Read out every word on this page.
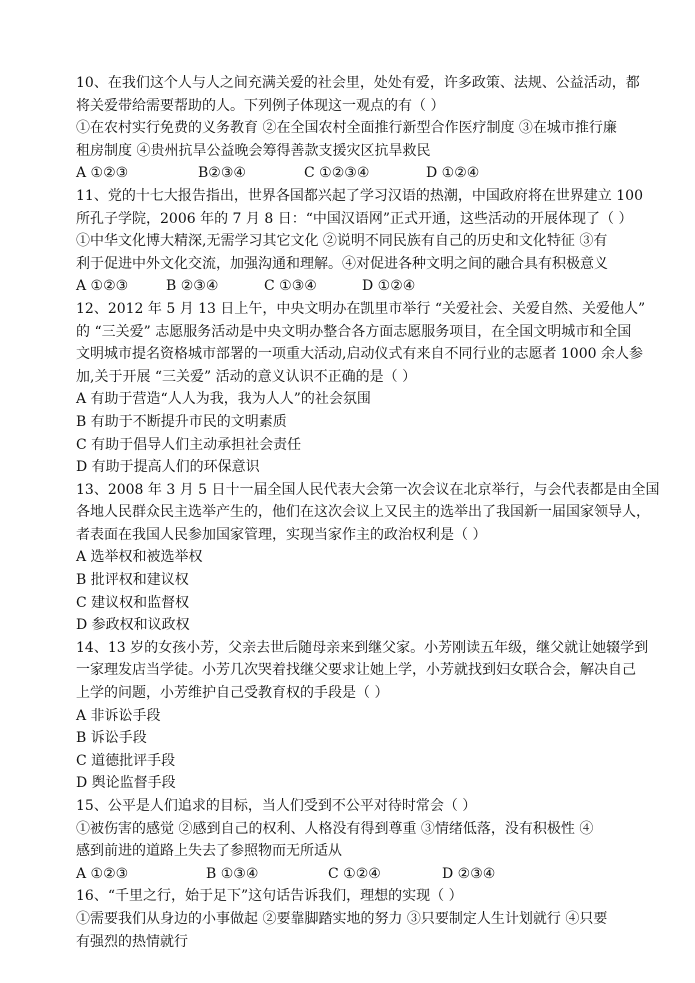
10、在我们这个人与人之间充满关爱的社会里，处处有爱，许多政策、法规、公益活动，都
将关爱带给需要帮助的人。下列例子体现这一观点的有（ ）
①在农村实行免费的义务教育 ②在全国农村全面推行新型合作医疗制度 ③在城市推行廉
租房制度 ④贵州抗旱公益晚会筹得善款支援灾区抗旱救民
A ①②③	B②③④	C ①②③④	D ①②④
11、党的十七大报告指出，世界各国都兴起了学习汉语的热潮，中国政府将在世界建立 100
所孔子学院，2006 年的 7 月 8 日：“中国汉语网”正式开通，这些活动的开展体现了（ ）
①中华文化博大精深,无需学习其它文化 ②说明不同民族有自己的历史和文化特征 ③有
利于促进中外文化交流，加强沟通和理解。④对促进各种文明之间的融合具有积极意义
A ①②③	B ②③④	C ①③④	D ①②④
12、2012 年 5 月 13 日上午，中央文明办在凯里市举行 “关爱社会、关爱自然、关爱他人”
的 “三关爱” 志愿服务活动是中央文明办整合各方面志愿服务项目，在全国文明城市和全国
文明城市提名资格城市部署的一项重大活动,启动仪式有来自不同行业的志愿者 1000 余人参
加,关于开展 “三关爱” 活动的意义认识不正确的是（ ）
A 有助于营造“人人为我，我为人人”的社会氛围
B 有助于不断提升市民的文明素质
C 有助于倡导人们主动承担社会责任
D 有助于提高人们的环保意识
13、2008 年 3 月 5 日十一届全国人民代表大会第一次会议在北京举行，与会代表都是由全国
各地人民群众民主选举产生的，他们在这次会议上又民主的选举出了我国新一届国家领导人，
者表面在我国人民参加国家管理，实现当家作主的政治权利是（ ）
A 选举权和被选举权
B 批评权和建议权
C 建议权和监督权
D 参政权和议政权
14、13 岁的女孩小芳，父亲去世后随母亲来到继父家。小芳刚读五年级，继父就让她辍学到
一家理发店当学徒。小芳几次哭着找继父要求让她上学，小芳就找到妇女联合会，解决自己
上学的问题，小芳维护自己受教育权的手段是（ ）
A 非诉讼手段
B 诉讼手段
C 道德批评手段
D 舆论监督手段
15、公平是人们追求的目标，当人们受到不公平对待时常会（ ）
①被伤害的感觉 ②感到自己的权利、人格没有得到尊重 ③情绪低落，没有积极性 ④
感到前进的道路上失去了参照物而无所适从
A ①②③	B ①③④	C ①②④	D ②③④
16、“千里之行，始于足下”这句话告诉我们，理想的实现（ ）
①需要我们从身边的小事做起 ②要靠脚踏实地的努力 ③只要制定人生计划就行 ④只要
有强烈的热情就行
